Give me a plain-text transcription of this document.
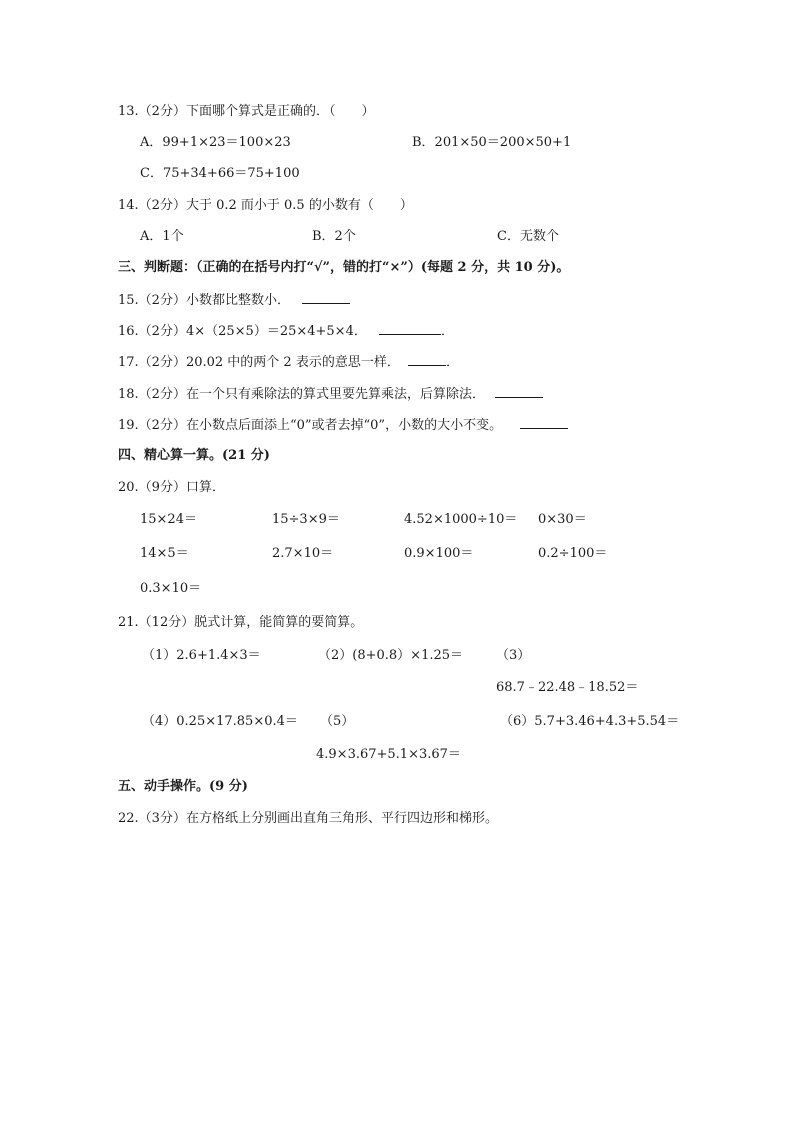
13.（2分）下面哪个算式是正确的．（　　）
A．99+1×23＝100×23	B．201×50＝200×50+1
C．75+34+66＝75+100
14.（2分）大于 0.2 而小于 0.5 的小数有（　　）
A．1个	B．2个	C．无数个
三、判断题：（正确的在括号内打“√”，错的打“×”）(每题 2 分，共 10 分)。
15.（2分）小数都比整数小．
16.（2分）4×（25×5）＝25×4+5×4．	．
17.（2分）20.02 中的两个 2 表示的意思一样．	．
18.（2分）在一个只有乘除法的算式里要先算乘法，后算除法．
19.（2分）在小数点后面添上“0”或者去掉“0”，小数的大小不变。
四、精心算一算。(21 分)
20.（9分）口算．
15×24＝	15÷3×9＝	4.52×1000÷10＝ 0×30＝
14×5＝	2.7×10＝	0.9×100＝	0.2÷100＝
0.3×10＝
21.（12分）脱式计算，能简算的要简算。
（1）2.6+1.4×3＝	（2）(8+0.8）×1.25＝	（3）
68.7﹣22.48﹣18.52＝
（4）0.25×17.85×0.4＝ （5）	（6）5.7+3.46+4.3+5.54＝
4.9×3.67+5.1×3.67＝
五、动手操作。(9 分)
22.（3分）在方格纸上分别画出直角三角形、平行四边形和梯形。
